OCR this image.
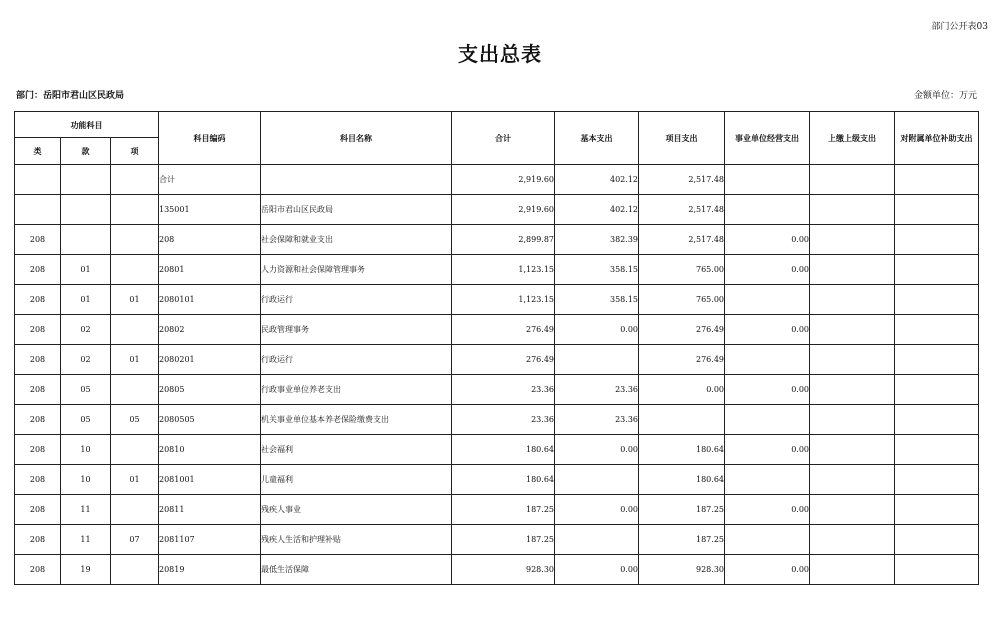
部门公开表03
支出总表
部门：岳阳市君山区民政局	金额单位：万元
功能科目			科目编码	科目名称	合计	基本支出	项目支出	事业单位经营支出	上缴上级支出	对附属单位补助支出
类	款	项								
			合计		2,919.60	402.12	2,517.48			
			135001	岳阳市君山区民政局	2,919.60	402.12	2,517.48			
208			208	社会保障和就业支出	2,899.87	382.39	2,517.48	0.00		
208	01		20801	人力资源和社会保障管理事务	1,123.15	358.15	765.00	0.00		
208	01	01	2080101	行政运行	1,123.15	358.15	765.00			
208	02		20802	民政管理事务	276.49	0.00	276.49	0.00		
208	02	01	2080201	行政运行	276.49		276.49			
208	05		20805	行政事业单位养老支出	23.36	23.36	0.00	0.00		
208	05	05	2080505	机关事业单位基本养老保险缴费支出	23.36	23.36				
208	10		20810	社会福利	180.64	0.00	180.64	0.00		
208	10	01	2081001	儿童福利	180.64		180.64			
208	11		20811	残疾人事业	187.25	0.00	187.25	0.00		
208	11	07	2081107	残疾人生活和护理补贴	187.25		187.25			
208	19		20819	最低生活保障	928.30	0.00	928.30	0.00		
